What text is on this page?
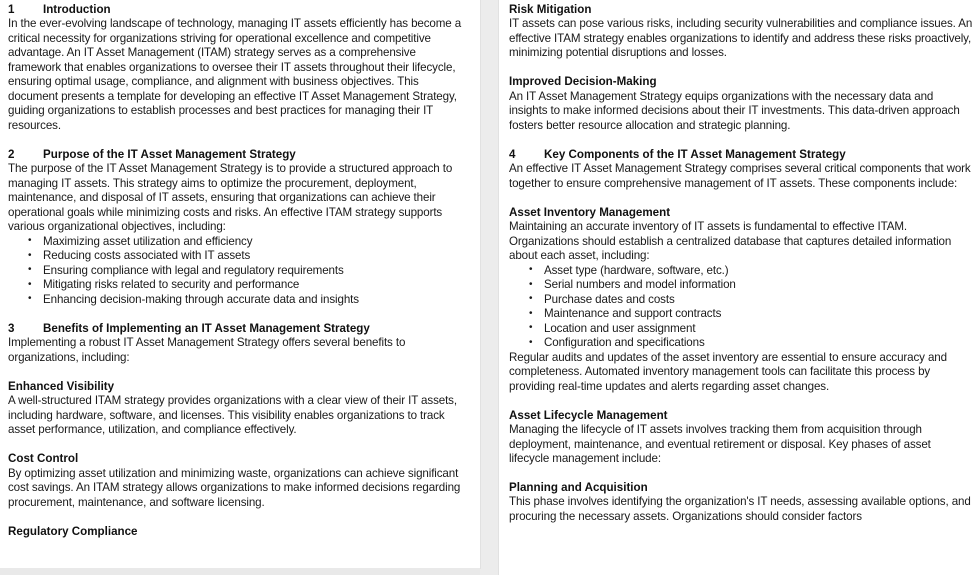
1	Introduction

In the ever-evolving landscape of technology, managing IT assets efficiently has become a critical necessity for organizations striving for operational excellence and competitive advantage. An IT Asset Management (ITAM) strategy serves as a comprehensive framework that enables organizations to oversee their IT assets throughout their lifecycle, ensuring optimal usage, compliance, and alignment with business objectives. This document presents a template for developing an effective IT Asset Management Strategy, guiding organizations to establish processes and best practices for managing their IT resources.

2	Purpose of the IT Asset Management Strategy

The purpose of the IT Asset Management Strategy is to provide a structured approach to managing IT assets. This strategy aims to optimize the procurement, deployment, maintenance, and disposal of IT assets, ensuring that organizations can achieve their operational goals while minimizing costs and risks. An effective ITAM strategy supports various organizational objectives, including:

• Maximizing asset utilization and efficiency
• Reducing costs associated with IT assets
• Ensuring compliance with legal and regulatory requirements
• Mitigating risks related to security and performance
• Enhancing decision-making through accurate data and insights
3	Benefits of Implementing an IT Asset Management Strategy

Implementing a robust IT Asset Management Strategy offers several benefits to organizations, including:

Enhanced Visibility

A well-structured ITAM strategy provides organizations with a clear view of their IT assets, including hardware, software, and licenses. This visibility enables organizations to track asset performance, utilization, and compliance effectively.

Cost Control

By optimizing asset utilization and minimizing waste, organizations can achieve significant cost savings. An ITAM strategy allows organizations to make informed decisions regarding procurement, maintenance, and software licensing.

Regulatory Compliance
Risk Mitigation

IT assets can pose various risks, including security vulnerabilities and compliance issues. An effective ITAM strategy enables organizations to identify and address these risks proactively, minimizing potential disruptions and losses.

Improved Decision-Making

An IT Asset Management Strategy equips organizations with the necessary data and insights to make informed decisions about their IT investments. This data-driven approach fosters better resource allocation and strategic planning.

4	Key Components of the IT Asset Management Strategy

An effective IT Asset Management Strategy comprises several critical components that work together to ensure comprehensive management of IT assets. These components include:

Asset Inventory Management

Maintaining an accurate inventory of IT assets is fundamental to effective ITAM. Organizations should establish a centralized database that captures detailed information about each asset, including:

• Asset type (hardware, software, etc.)
• Serial numbers and model information
• Purchase dates and costs
• Maintenance and support contracts
• Location and user assignment
• Configuration and specifications

Regular audits and updates of the asset inventory are essential to ensure accuracy and completeness. Automated inventory management tools can facilitate this process by providing real-time updates and alerts regarding asset changes.

Asset Lifecycle Management

Managing the lifecycle of IT assets involves tracking them from acquisition through deployment, maintenance, and eventual retirement or disposal. Key phases of asset lifecycle management include:

Planning and Acquisition

This phase involves identifying the organization's IT needs, assessing available options, and procuring the necessary assets. Organizations should consider factors
